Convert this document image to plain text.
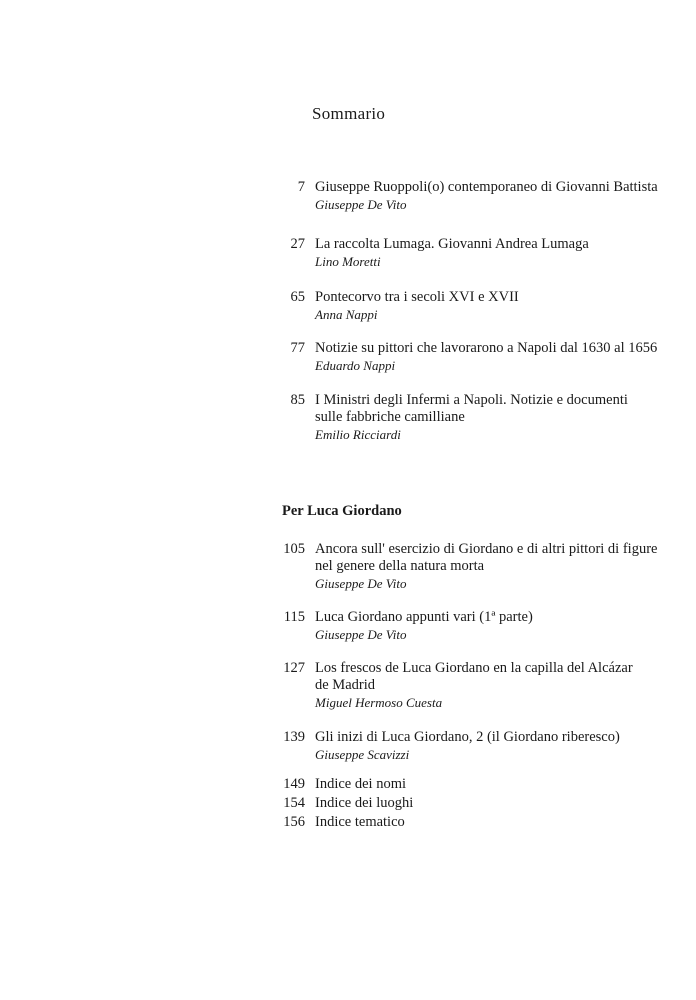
Sommario
7 Giuseppe Ruoppoli(o) contemporaneo di Giovanni Battista
Giuseppe De Vito
27 La raccolta Lumaga. Giovanni Andrea Lumaga
Lino Moretti
65 Pontecorvo tra i secoli XVI e XVII
Anna Nappi
77 Notizie su pittori che lavorarono a Napoli dal 1630 al 1656
Eduardo Nappi
85 I Ministri degli Infermi a Napoli. Notizie e documenti
sulle fabbriche camilliane
Emilio Ricciardi
Per Luca Giordano
105 Ancora sull' esercizio di Giordano e di altri pittori di figure
nel genere della natura morta
Giuseppe De Vito
115 Luca Giordano appunti vari (1ª parte)
Giuseppe De Vito
127 Los frescos de Luca Giordano en la capilla del Alcázar
de Madrid
Miguel Hermoso Cuesta
139 Gli inizi di Luca Giordano, 2 (il Giordano riberesco)
Giuseppe Scavizzi
149 Indice dei nomi
154 Indice dei luoghi
156 Indice tematico
